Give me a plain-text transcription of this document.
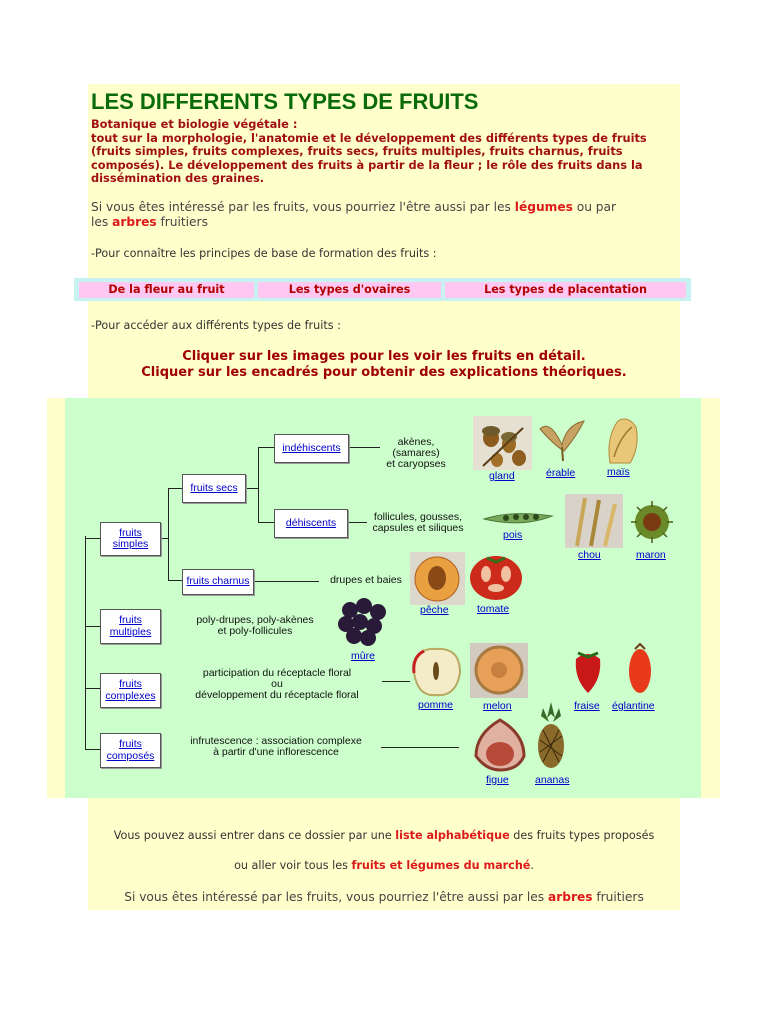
LES DIFFERENTS TYPES DE FRUITS
Botanique et biologie végétale :
tout sur la morphologie, l'anatomie et le développement des différents types de fruits
(fruits simples, fruits complexes, fruits secs, fruits multiples, fruits charnus, fruits
composés). Le développement des fruits à partir de la fleur ; le rôle des fruits dans la
dissémination des graines.
Si vous êtes intéressé par les fruits, vous pourriez l'être aussi par les légumes ou par
les arbres fruitiers
-Pour connaître les principes de base de formation des fruits :
De la fleur au fruit	Les types d'ovaires	Les types de placentation
-Pour accéder aux différents types de fruits :
Cliquer sur les images pour les voir les fruits en détail.
Cliquer sur les encadrés pour obtenir des explications théoriques.
fruits
simples
fruits
multiples
fruits
complexes
fruits
composés
fruits secs
fruits charnus
indéhiscents
déhiscents
akènes,
(samares)
et caryopses
follicules, gousses,
capsules et siliques
drupes et baies
poly-drupes, poly-akènes
et poly-follicules
participation du réceptacle floral
ou
développement du réceptacle floral
infrutescence : association complexe
à partir d'une inflorescence
gland	érable	maïs
pois
chou	maron
pêche	tomate
mûre
pomme	melon	fraise églantine
figue ananas
Vous pouvez aussi entrer dans ce dossier par une liste alphabétique des fruits types proposés
ou aller voir tous les fruits et légumes du marché.
Si vous êtes intéressé par les fruits, vous pourriez l'être aussi par les arbres fruitiers
